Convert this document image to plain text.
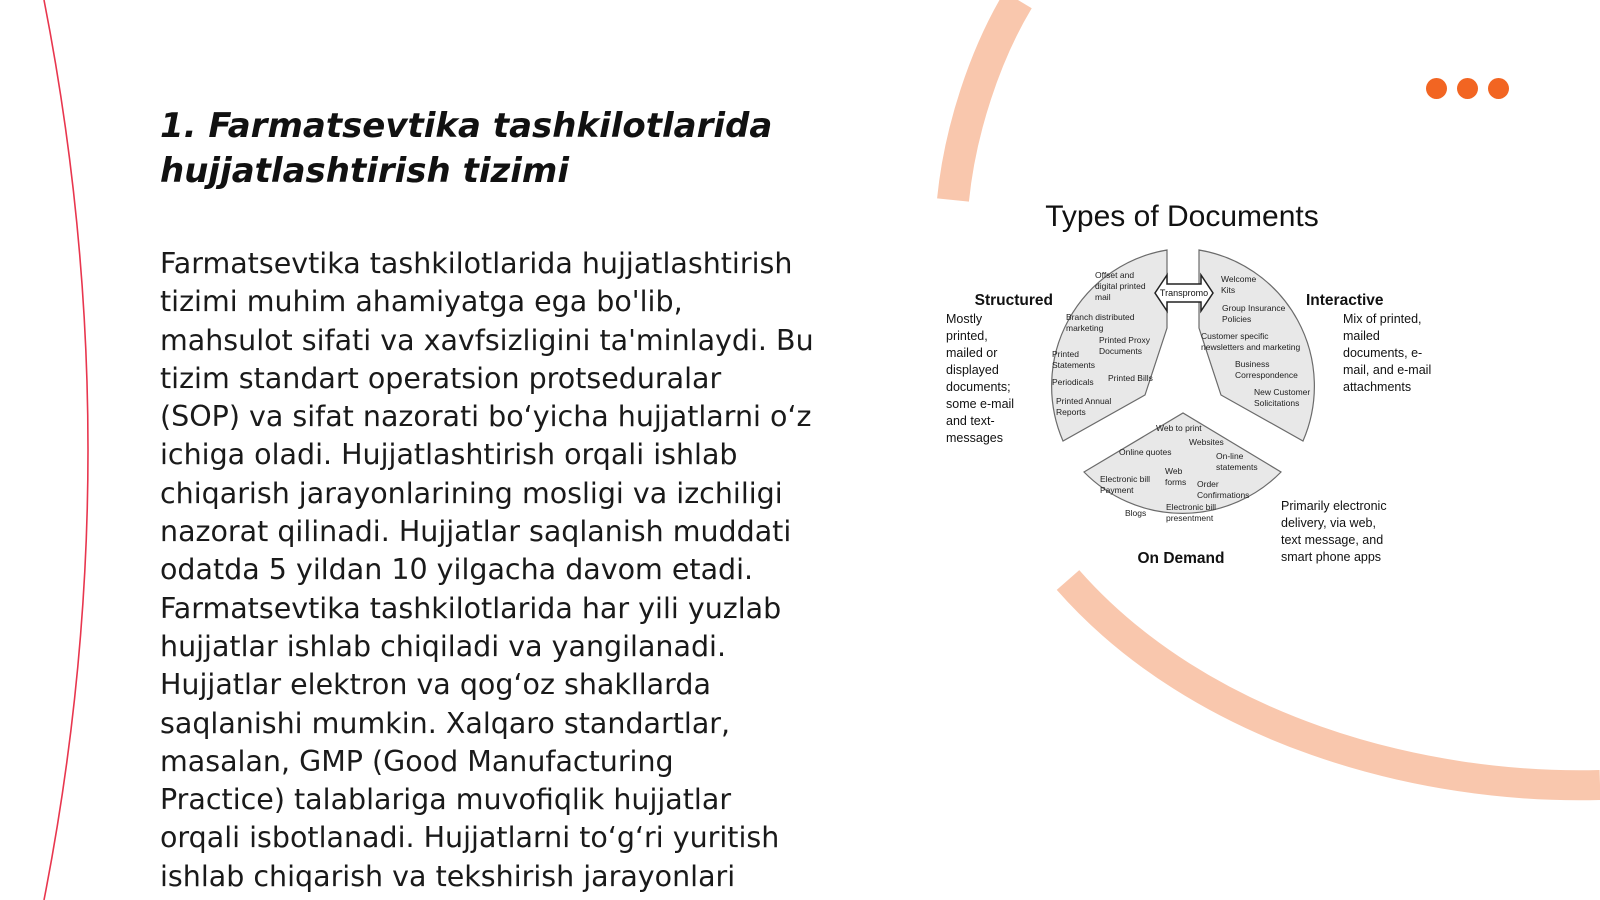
1. Farmatsevtika tashkilotlarida
hujjatlashtirish tizimi
Farmatsevtika tashkilotlarida hujjatlashtirish
tizimi muhim ahamiyatga ega bo'lib,
mahsulot sifati va xavfsizligini ta'minlaydi. Bu
tizim standart operatsion protseduralar
(SOP) va sifat nazorati bo‘yicha hujjatlarni o‘z
ichiga oladi. Hujjatlashtirish orqali ishlab
chiqarish jarayonlarining mosligi va izchiligi
nazorat qilinadi. Hujjatlar saqlanish muddati
odatda 5 yildan 10 yilgacha davom etadi.
Farmatsevtika tashkilotlarida har yili yuzlab
hujjatlar ishlab chiqiladi va yangilanadi.
Hujjatlar elektron va qog‘oz shakllarda
saqlanishi mumkin. Xalqaro standartlar,
masalan, GMP (Good Manufacturing
Practice) talablariga muvofiqlik hujjatlar
orqali isbotlanadi. Hujjatlarni to‘g‘ri yuritish
ishlab chiqarish va tekshirish jarayonlari
Types of Documents
Transpromo
Offset and
digital printed
mail
Branch distributed
marketing
Printed Proxy
Documents
Printed
Statements
Periodicals Printed Bills
Printed Annual
Reports
Welcome
Kits
Group Insurance
Policies
Customer specific
newsletters and marketing
Business
Correspondence
New Customer
Solicitations
Web to print
Online quotes
Websites
On-line
statements
Web
forms
Electronic bill
Payment
Order
Confirmations
Electronic bill
presentment
Blogs
Structured
Mostly
printed,
mailed or
displayed
documents;
some e-mail
and text-
messages
Interactive
Mix of printed,
mailed
documents, e-
mail, and e-mail
attachments
On Demand
Primarily electronic
delivery, via web,
text message, and
smart phone apps
